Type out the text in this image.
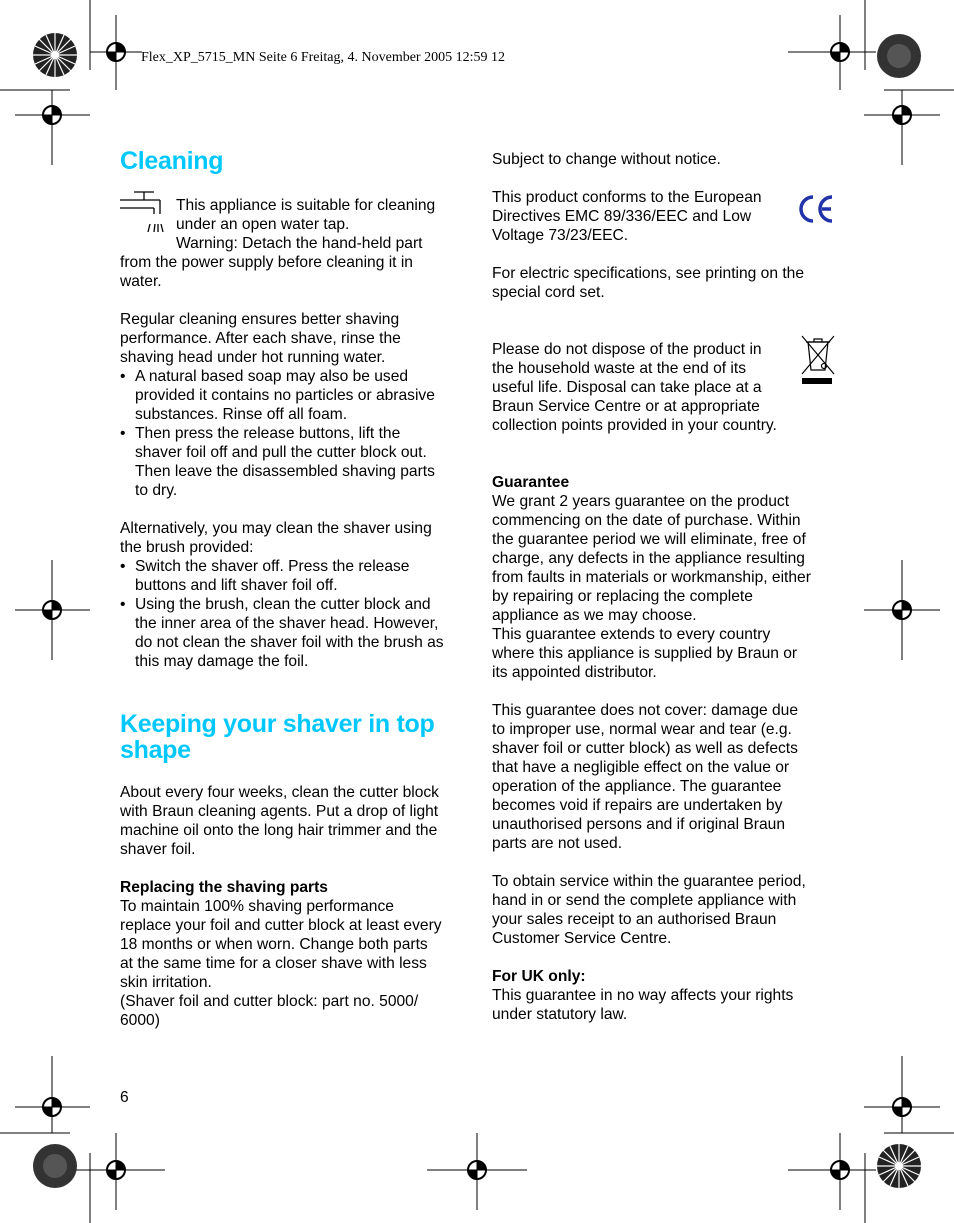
Flex_XP_5715_MN Seite 6 Freitag, 4. November 2005 12:59 12
Cleaning

This appliance is suitable for cleaning

under an open water tap.

Warning: Detach the hand-held part

from the power supply before cleaning it in

water.

Regular cleaning ensures better shaving

performance. After each shave, rinse the

shaving head under hot running water.

• A natural based soap may also be used
provided it contains no particles or abrasive
substances. Rinse off all foam.
• Then press the release buttons, lift the
shaver foil off and pull the cutter block out.
Then leave the disassembled shaving parts
to dry.

Alternatively, you may clean the shaver using

the brush provided:

• Switch the shaver off. Press the release
buttons and lift shaver foil off.
• Using the brush, clean the cutter block and
the inner area of the shaver head. However,
do not clean the shaver foil with the brush as
this may damage the foil.
Keeping your shaver in top
shape

About every four weeks, clean the cutter block

with Braun cleaning agents. Put a drop of light

machine oil onto the long hair trimmer and the

shaver foil.

Replacing the shaving parts

To maintain 100% shaving performance

replace your foil and cutter block at least every

18 months or when worn. Change both parts

at the same time for a closer shave with less

skin irritation.

(Shaver foil and cutter block: part no. 5000/

6000)

Subject to change without notice.

This product conforms to the European

Directives EMC 89/336/EEC and Low

Voltage 73/23/EEC.

For electric specifications, see printing on the

special cord set.

Please do not dispose of the product in

the household waste at the end of its

useful life. Disposal can take place at a

Braun Service Centre or at appropriate

collection points provided in your country.

Guarantee

We grant 2 years guarantee on the product

commencing on the date of purchase. Within

the guarantee period we will eliminate, free of

charge, any defects in the appliance resulting

from faults in materials or workmanship, either

by repairing or replacing the complete

appliance as we may choose.

This guarantee extends to every country

where this appliance is supplied by Braun or

its appointed distributor.

This guarantee does not cover: damage due

to improper use, normal wear and tear (e.g.

shaver foil or cutter block) as well as defects

that have a negligible effect on the value or

operation of the appliance. The guarantee

becomes void if repairs are undertaken by

unauthorised persons and if original Braun

parts are not used.

To obtain service within the guarantee period,

hand in or send the complete appliance with

your sales receipt to an authorised Braun

Customer Service Centre.

For UK only:

This guarantee in no way affects your rights

under statutory law.

6
